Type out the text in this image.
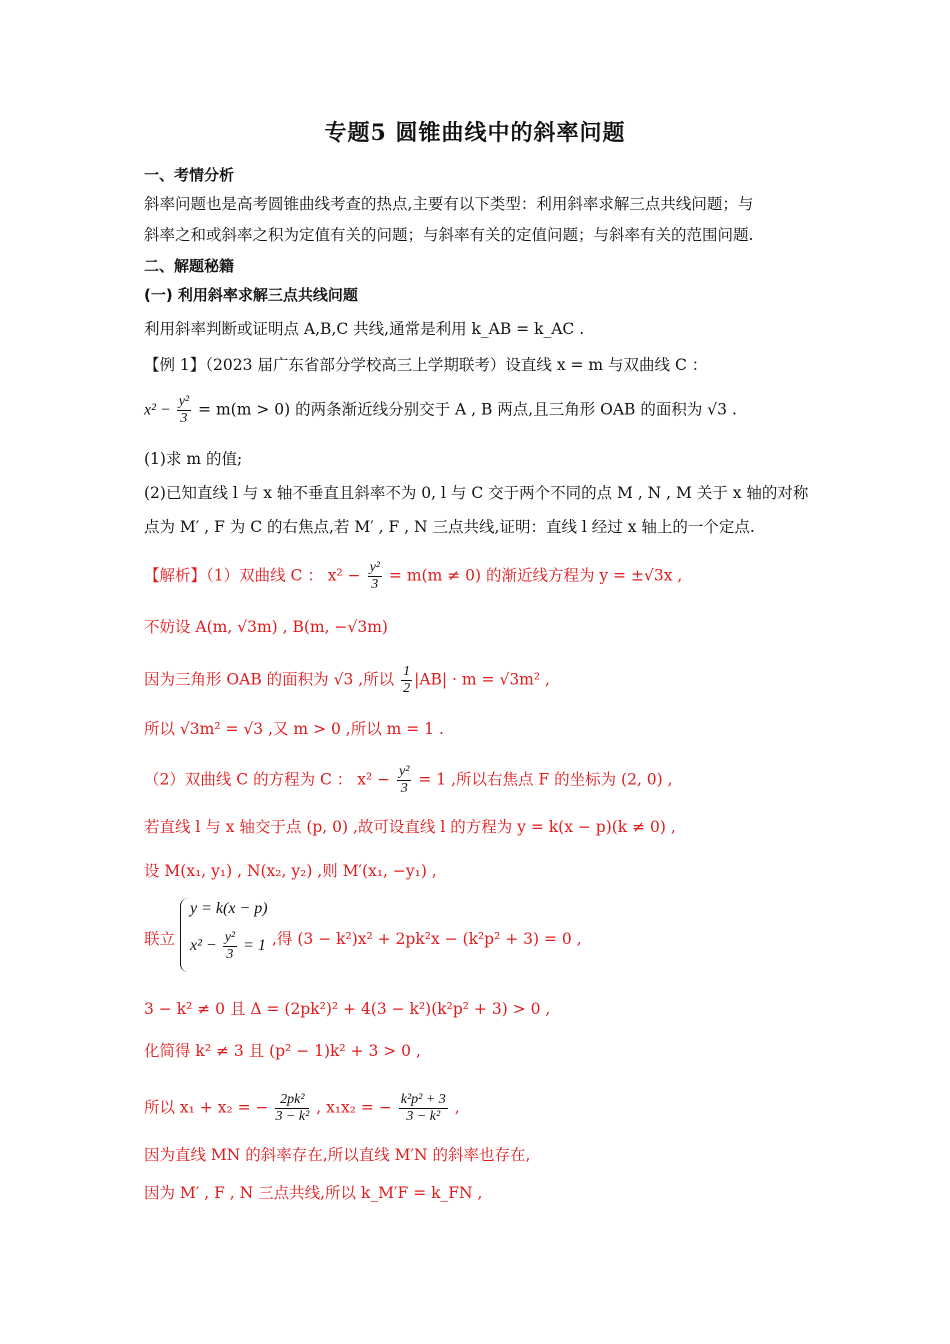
专题5 圆锥曲线中的斜率问题
一、考情分析
斜率问题也是高考圆锥曲线考查的热点,主要有以下类型：利用斜率求解三点共线问题；与
斜率之和或斜率之积为定值有关的问题；与斜率有关的定值问题；与斜率有关的范围问题.
二、解题秘籍
(一) 利用斜率求解三点共线问题
利用斜率判断或证明点 A,B,C 共线,通常是利用 k_AB = k_AC .
【例 1】（2023 届广东省部分学校高三上学期联考）设直线 x = m 与双曲线 C ：
$x^2 - \frac{\text{y²}}{3} = m(m > 0)$ 的两条渐近线分别交于 A , B 两点,且三角形 OAB 的面积为 √3 .
(1)求 m 的值;
(2)已知直线 l 与 x 轴不垂直且斜率不为 0, l 与 C 交于两个不同的点 M , N , M 关于 x 轴的对称
点为 M′ , F 为 C 的右焦点,若 M′ , F , N 三点共线,证明：直线 l 经过 x 轴上的一个定点.
【解析】（1）双曲线 C ： $x^2 - \frac{\text{y²}}{3} = m(m \ne 0)$ 的渐近线方程为 y = ±√3x ,
不妨设 A(m, √3m) , B(m, −√3m)
因为三角形 OAB 的面积为 √3 ,所以 $\frac{1}{2} |AB| \cdot m = √3m^2$ ,
所以 √3m² = √3 ,又 m > 0 ,所以 m = 1 .
（2）双曲线 C 的方程为 C ： $x^2 - \frac{\text{y²}}{3} = 1$ ,所以右焦点 F 的坐标为 (2, 0) ,
若直线 l 与 x 轴交于点 (p, 0) ,故可设直线 l 的方程为 y = k(x − p)(k ≠ 0) ,
设 M(x₁, y₁) , N(x₂, y₂) ,则 M′(x₁, −y₁) ,
y = k(x − p)
$x^2 - \frac{\text{y²}}{3} = 1$
联立	,得 (3 − k²)x² + 2pk²x − (k²p² + 3) = 0 ,
3 − k² ≠ 0 且 Δ = (2pk²)² + 4(3 − k²)(k²p² + 3) > 0 ,
化简得 k² ≠ 3 且 (p² − 1)k² + 3 > 0 ,
所以 x₁ + x₂ = − $\frac{\text{2pk²}}{\text{3 − k²}}$ , x₁x₂ = − $\frac{\text{k²p² + 3}}{\text{3 − k²}}$ ,
因为直线 MN 的斜率存在,所以直线 M′N 的斜率也存在,
因为 M′ , F , N 三点共线,所以 k_M′F = k_FN ,
